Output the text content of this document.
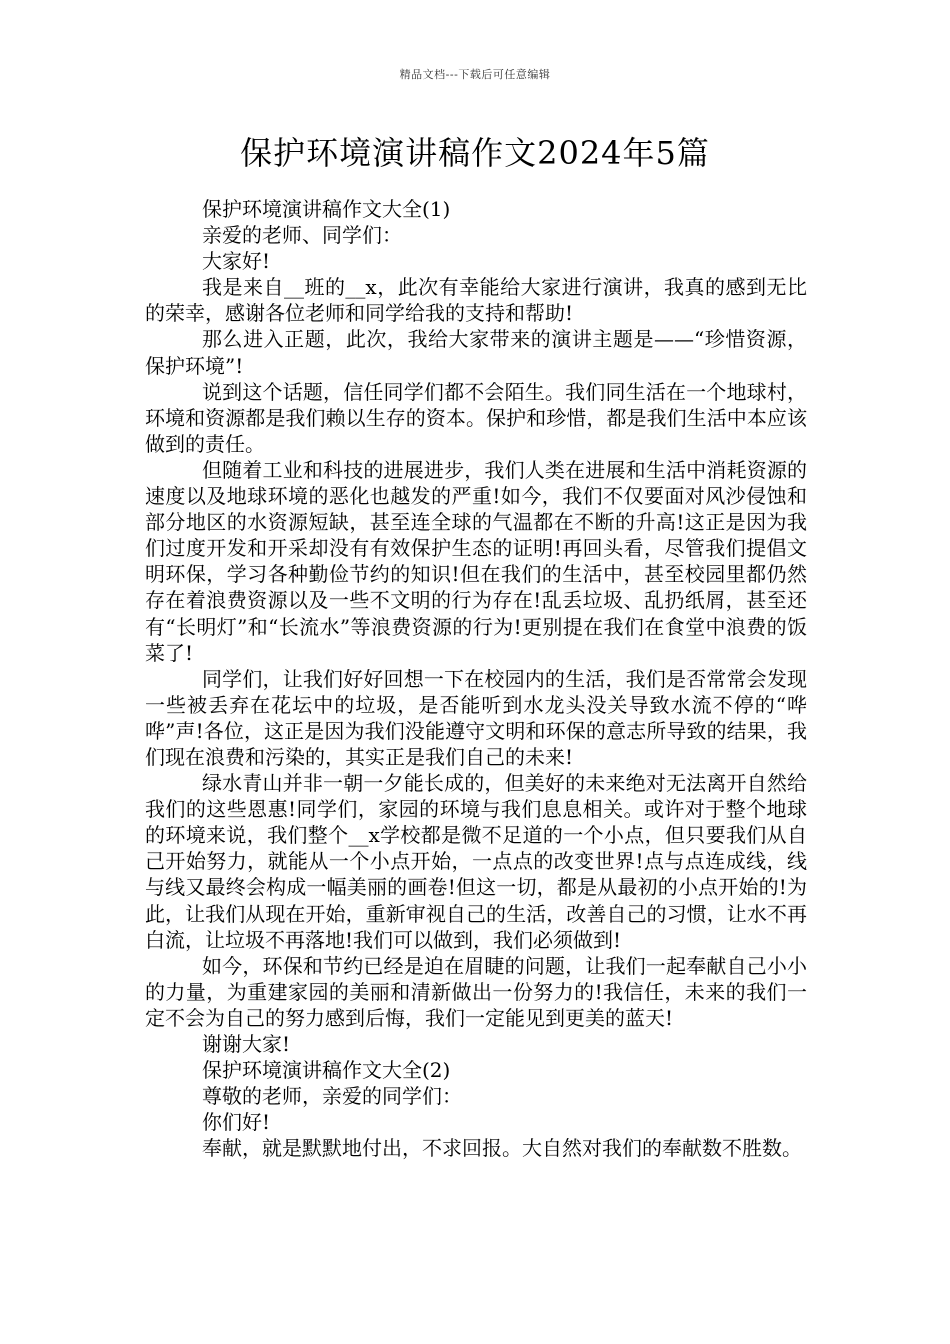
精品文档---下载后可任意编辑
保护环境演讲稿作文2024年5篇

保护环境演讲稿作文大全(1)

亲爱的老师、同学们：

大家好!

我是来自__班的__x，此次有幸能给大家进行演讲，我真的感到无比的荣幸，感谢各位老师和同学给我的支持和帮助!

那么进入正题，此次，我给大家带来的演讲主题是——“珍惜资源，保护环境”!

说到这个话题，信任同学们都不会陌生。我们同生活在一个地球村，环境和资源都是我们赖以生存的资本。保护和珍惜，都是我们生活中本应该做到的责任。

但随着工业和科技的进展进步，我们人类在进展和生活中消耗资源的速度以及地球环境的恶化也越发的严重!如今，我们不仅要面对风沙侵蚀和部分地区的水资源短缺，甚至连全球的气温都在不断的升高!这正是因为我们过度开发和开采却没有有效保护生态的证明!再回头看，尽管我们提倡文明环保，学习各种勤俭节约的知识!但在我们的生活中，甚至校园里都仍然存在着浪费资源以及一些不文明的行为存在!乱丢垃圾、乱扔纸屑，甚至还有“长明灯”和“长流水”等浪费资源的行为!更别提在我们在食堂中浪费的饭菜了!

同学们，让我们好好回想一下在校园内的生活，我们是否常常会发现一些被丢弃在花坛中的垃圾，是否能听到水龙头没关导致水流不停的“哗哗”声!各位，这正是因为我们没能遵守文明和环保的意志所导致的结果，我们现在浪费和污染的，其实正是我们自己的未来!

绿水青山并非一朝一夕能长成的，但美好的未来绝对无法离开自然给我们的这些恩惠!同学们，家园的环境与我们息息相关。或许对于整个地球的环境来说，我们整个__x学校都是微不足道的一个小点，但只要我们从自己开始努力，就能从一个小点开始，一点点的改变世界!点与点连成线，线与线又最终会构成一幅美丽的画卷!但这一切，都是从最初的小点开始的!为此，让我们从现在开始，重新审视自己的生活，改善自己的习惯，让水不再白流，让垃圾不再落地!我们可以做到，我们必须做到!

如今，环保和节约已经是迫在眉睫的问题，让我们一起奉献自己小小的力量，为重建家园的美丽和清新做出一份努力的!我信任，未来的我们一定不会为自己的努力感到后悔，我们一定能见到更美的蓝天!

谢谢大家!

保护环境演讲稿作文大全(2)

尊敬的老师，亲爱的同学们：

你们好!

奉献，就是默默地付出，不求回报。大自然对我们的奉献数不胜数。
